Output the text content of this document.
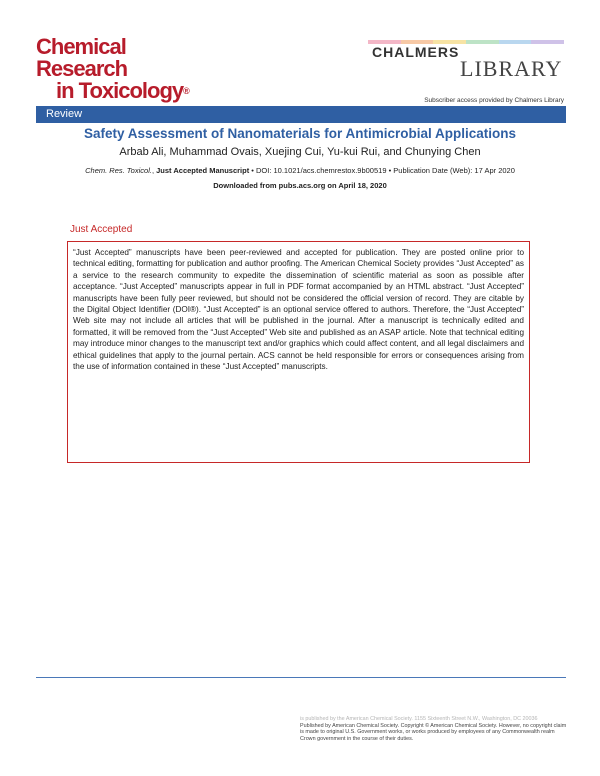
Chemical Research
in Toxicology®
CHALMERS
LIBRARY
Subscriber access provided by Chalmers Library
Review
Safety Assessment of Nanomaterials for Antimicrobial Applications
Arbab Ali, Muhammad Ovais, Xuejing Cui, Yu-kui Rui, and Chunying Chen
Chem. Res. Toxicol., Just Accepted Manuscript • DOI: 10.1021/acs.chemrestox.9b00519 • Publication Date (Web): 17 Apr 2020
Downloaded from pubs.acs.org on April 18, 2020
Just Accepted
“Just Accepted” manuscripts have been peer-reviewed and accepted for publication. They are posted online prior to technical editing, formatting for publication and author proofing. The American Chemical Society provides “Just Accepted” as a service to the research community to expedite the dissemination of scientific material as soon as possible after acceptance. “Just Accepted” manuscripts appear in full in PDF format accompanied by an HTML abstract. “Just Accepted” manuscripts have been fully peer reviewed, but should not be considered the official version of record. They are citable by the Digital Object Identifier (DOI®). “Just Accepted” is an optional service offered to authors. Therefore, the “Just Accepted” Web site may not include all articles that will be published in the journal. After a manuscript is technically edited and formatted, it will be removed from the “Just Accepted” Web site and published as an ASAP article. Note that technical editing may introduce minor changes to the manuscript text and/or graphics which could affect content, and all legal disclaimers and ethical guidelines that apply to the journal pertain. ACS cannot be held responsible for errors or consequences arising from the use of information contained in these “Just Accepted” manuscripts.
is published by the American Chemical Society. 1155 Sixteenth Street N.W., Washington, DC 20036
Published by American Chemical Society. Copyright © American Chemical Society. However, no copyright claim is made to original U.S. Government works, or works produced by employees of any Commonwealth realm Crown government in the course of their duties.
